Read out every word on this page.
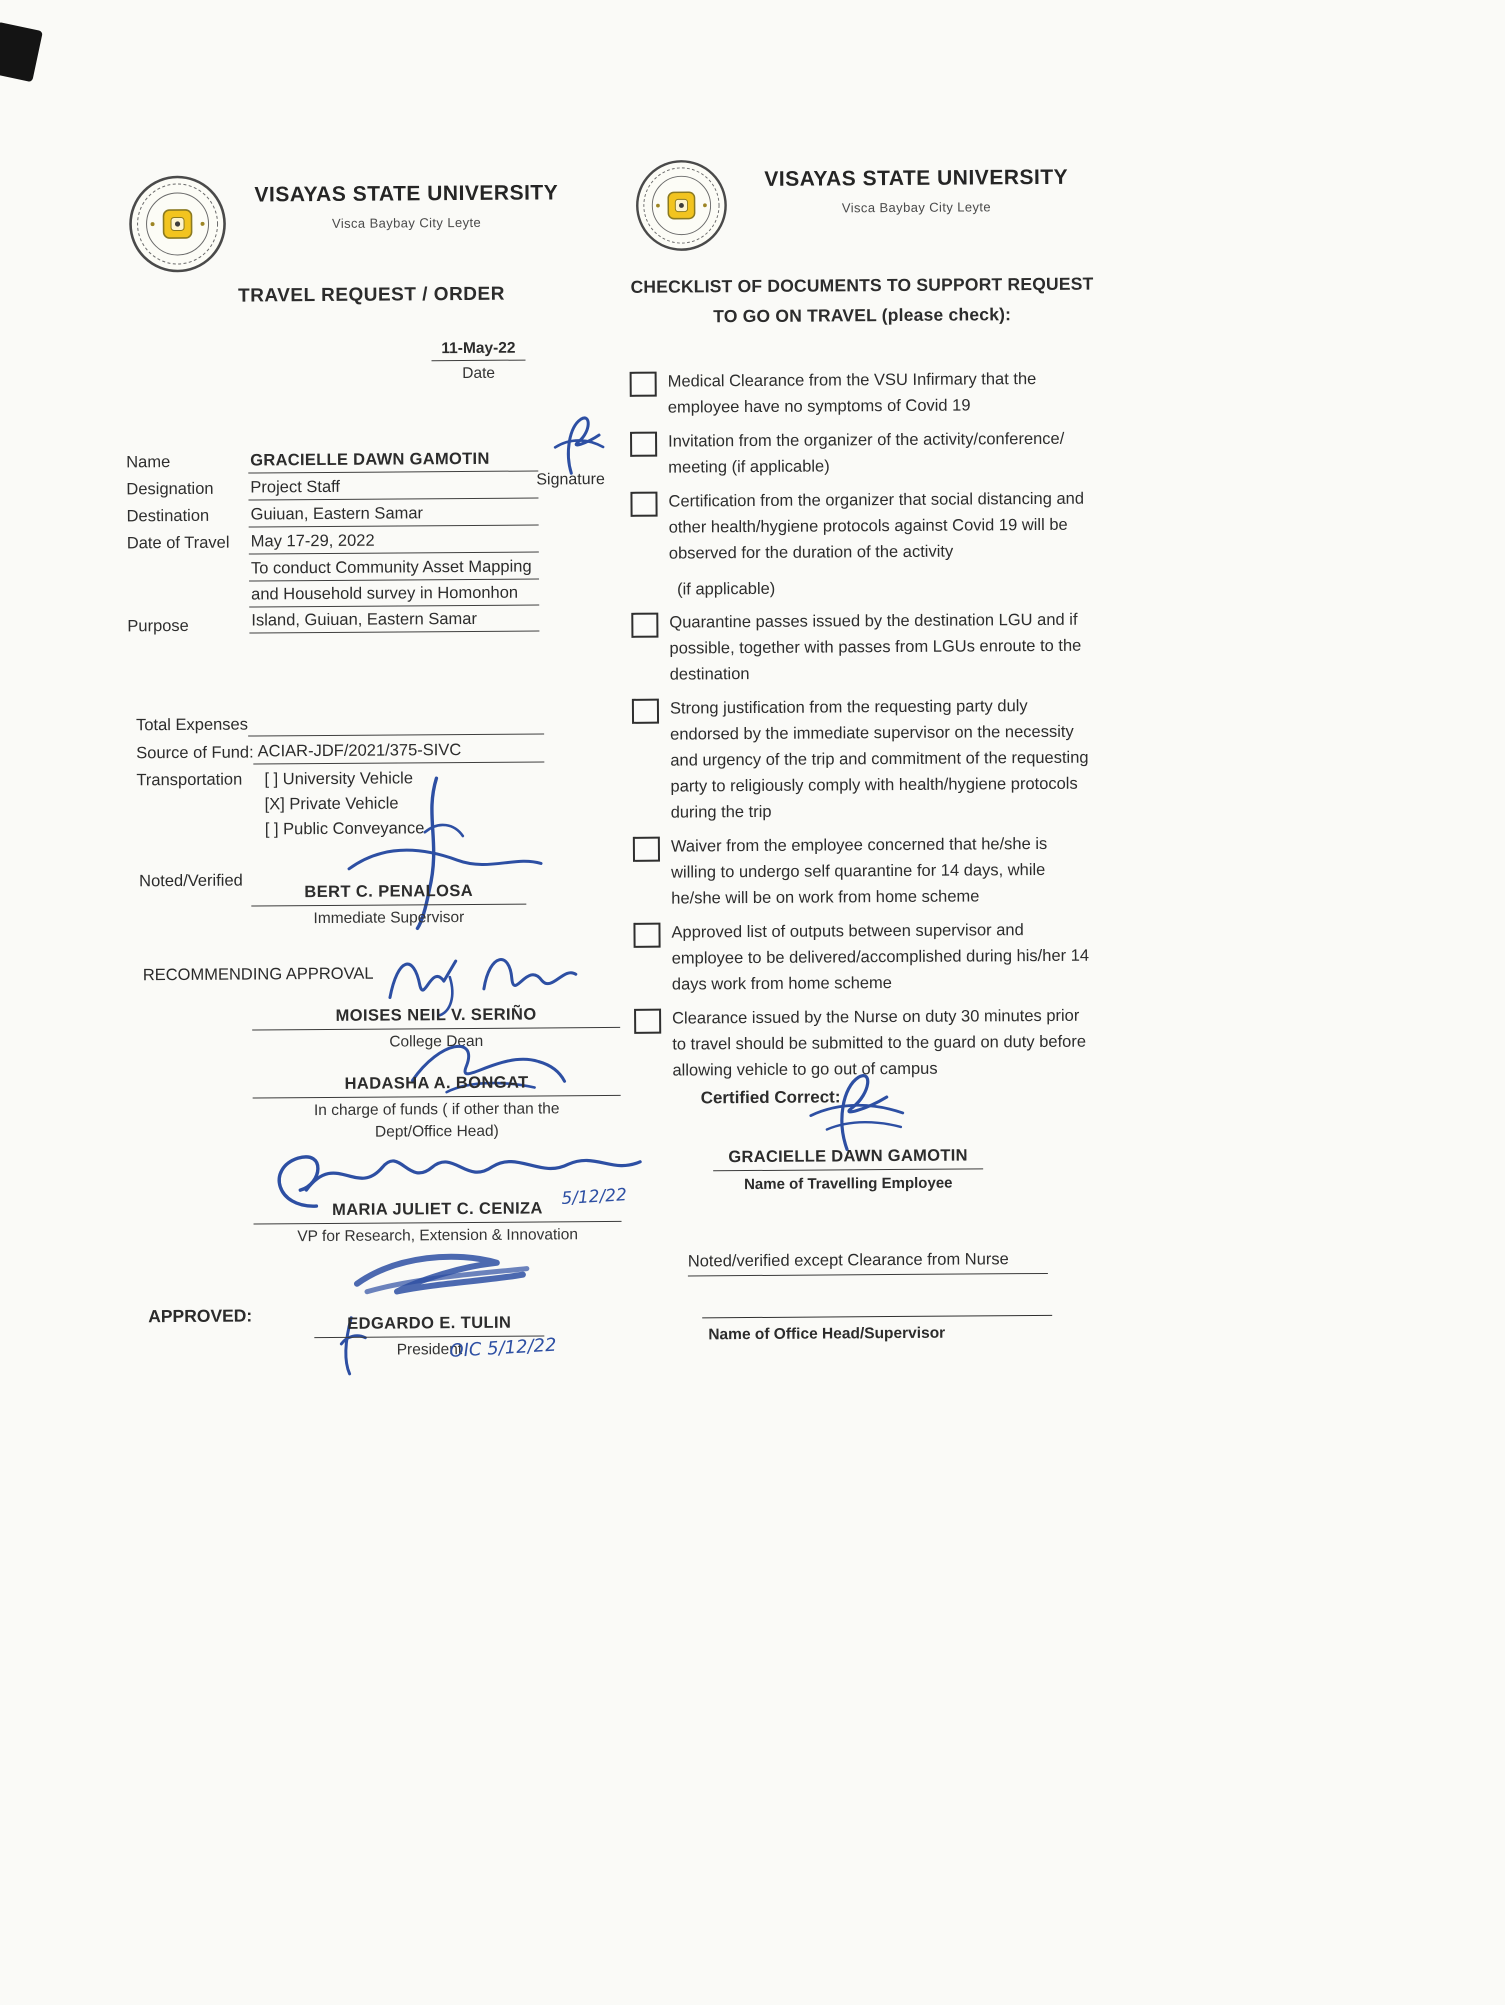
VISAYAS STATE UNIVERSITY
Visca Baybay City Leyte
TRAVEL REQUEST / ORDER
11-May-22
Date
Name	GRACIELLE DAWN GAMOTIN
Designation	Project Staff
Destination	Guiuan, Eastern Samar
Date of Travel	May 17-29, 2022
Purpose
To conduct Community Asset Mapping
and Household survey in Homonhon
Island, Guiuan, Eastern Samar
Signature
Total Expenses
Source of Fund: ACIAR-JDF/2021/375-SIVC
Transportation	[ ] University Vehicle
[X] Private Vehicle
[ ] Public Conveyance
Noted/Verified
BERT C. PENALOSA
Immediate Supervisor
RECOMMENDING APPROVAL
MOISES NEIL V. SERIÑO
College Dean
HADASHA A. BONGAT
In charge of funds ( if other than the
Dept/Office Head)
5/12/22
MARIA JULIET C. CENIZA
VP for Research, Extension & Innovation
APPROVED:	EDGARDO E. TULIN
President
OIC 5/12/22
VISAYAS STATE UNIVERSITY
Visca Baybay City Leyte
CHECKLIST OF DOCUMENTS TO SUPPORT REQUEST
TO GO ON TRAVEL (please check):
Medical Clearance from the VSU Infirmary that the employee have no symptoms of Covid 19
Invitation from the organizer of the activity/conference/ meeting (if applicable)
Certification from the organizer that social distancing and other health/hygiene protocols against Covid 19 will be observed for the duration of the activity
(if applicable)
Quarantine passes issued by the destination LGU and if possible, together with passes from LGUs enroute to the destination
Strong justification from the requesting party duly endorsed by the immediate supervisor on the necessity and urgency of the trip and commitment of the requesting party to religiously comply with health/hygiene protocols during the trip
Waiver from the employee concerned that he/she is willing to undergo self quarantine for 14 days, while he/she will be on work from home scheme
Approved list of outputs between supervisor and employee to be delivered/accomplished during his/her 14 days work from home scheme
Clearance issued by the Nurse on duty 30 minutes prior to travel should be submitted to the guard on duty before allowing vehicle to go out of campus
Certified Correct:
GRACIELLE DAWN GAMOTIN
Name of Travelling Employee
Noted/verified except Clearance from Nurse
Name of Office Head/Supervisor
